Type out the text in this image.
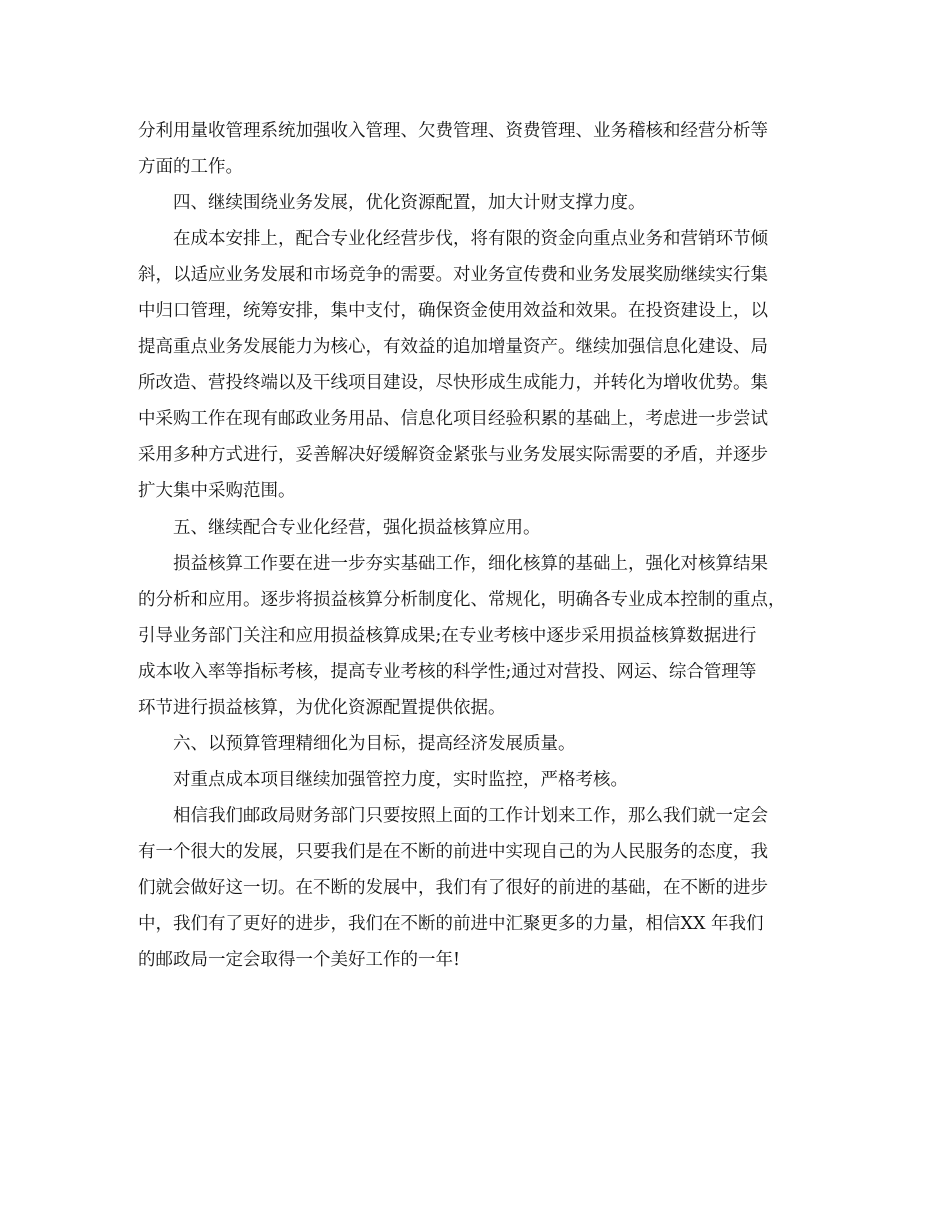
分利用量收管理系统加强收入管理、欠费管理、资费管理、业务稽核和经营分析等
方面的工作。
四、继续围绕业务发展，优化资源配置，加大计财支撑力度。
在成本安排上，配合专业化经营步伐，将有限的资金向重点业务和营销环节倾
斜，以适应业务发展和市场竞争的需要。对业务宣传费和业务发展奖励继续实行集
中归口管理，统筹安排，集中支付，确保资金使用效益和效果。在投资建设上，以
提高重点业务发展能力为核心，有效益的追加增量资产。继续加强信息化建设、局
所改造、营投终端以及干线项目建设，尽快形成生成能力，并转化为增收优势。集
中采购工作在现有邮政业务用品、信息化项目经验积累的基础上，考虑进一步尝试
采用多种方式进行，妥善解决好缓解资金紧张与业务发展实际需要的矛盾，并逐步
扩大集中采购范围。
五、继续配合专业化经营，强化损益核算应用。
损益核算工作要在进一步夯实基础工作，细化核算的基础上，强化对核算结果
的分析和应用。逐步将损益核算分析制度化、常规化，明确各专业成本控制的重点，
引导业务部门关注和应用损益核算成果;在专业考核中逐步采用损益核算数据进行
成本收入率等指标考核，提高专业考核的科学性;通过对营投、网运、综合管理等
环节进行损益核算，为优化资源配置提供依据。
六、以预算管理精细化为目标，提高经济发展质量。
对重点成本项目继续加强管控力度，实时监控，严格考核。
相信我们邮政局财务部门只要按照上面的工作计划来工作，那么我们就一定会
有一个很大的发展，只要我们是在不断的前进中实现自己的为人民服务的态度，我
们就会做好这一切。在不断的发展中，我们有了很好的前进的基础，在不断的进步
中，我们有了更好的进步，我们在不断的前进中汇聚更多的力量，相信XX 年我们
的邮政局一定会取得一个美好工作的一年!
